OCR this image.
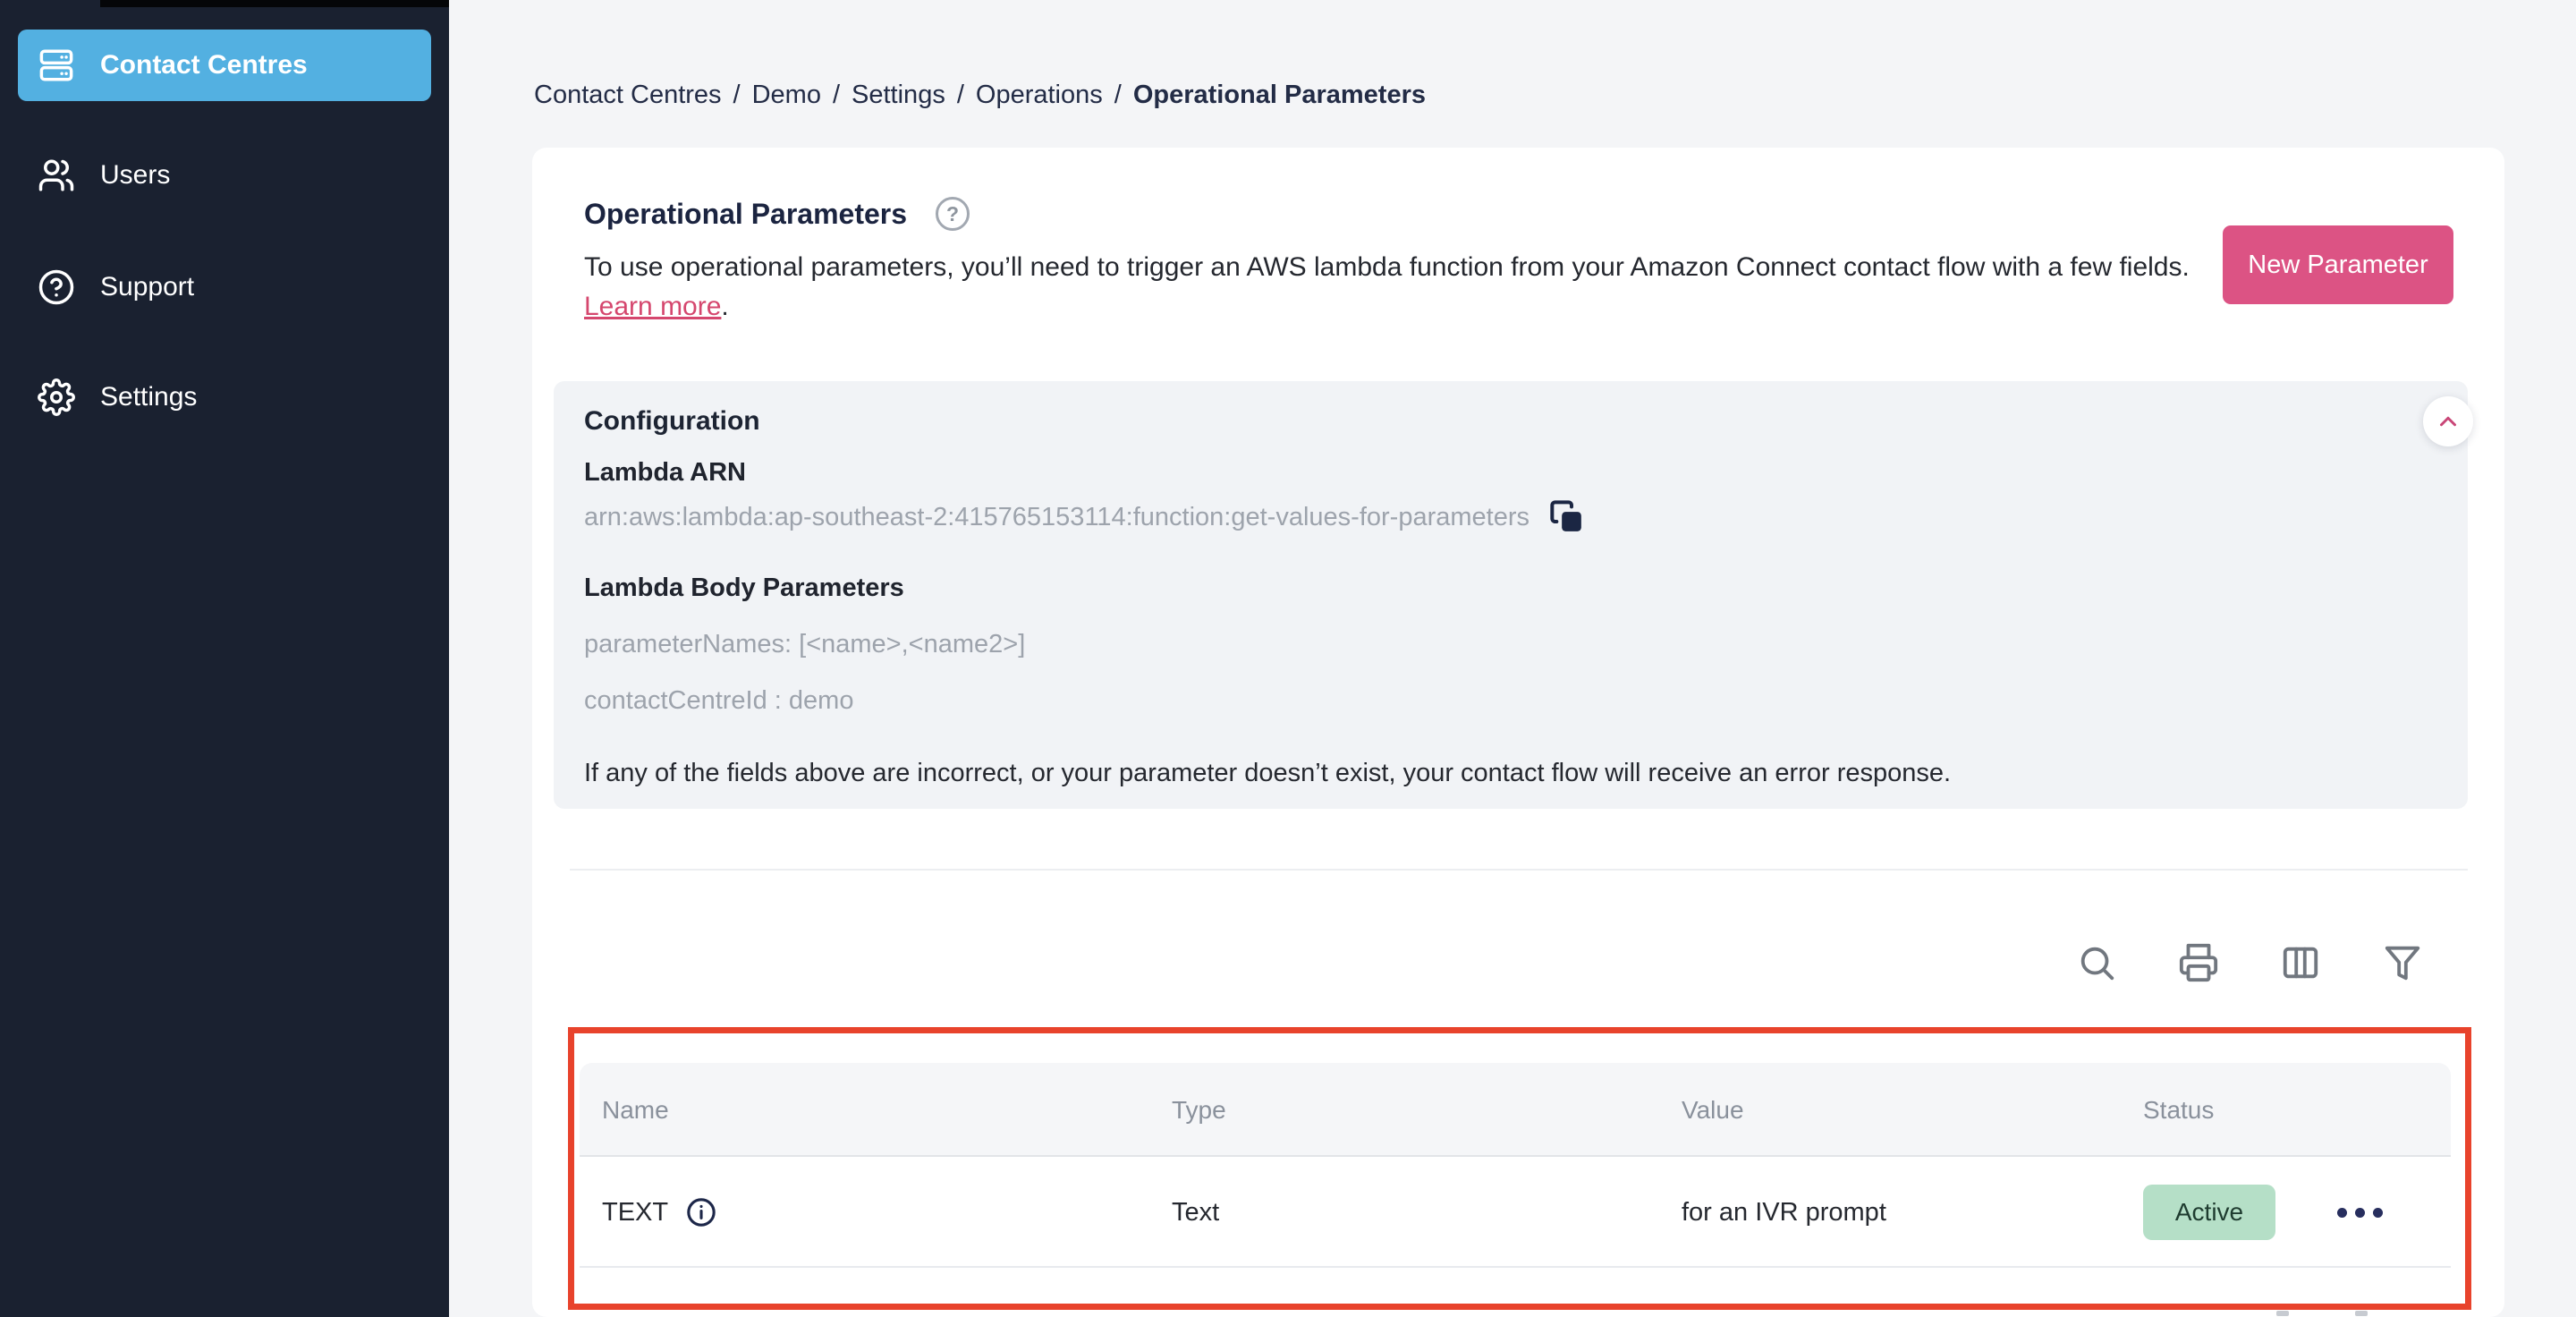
Contact Centres
Users
Support
Settings
Contact Centres / Demo / Settings / Operations / Operational Parameters
Operational Parameters ?

To use operational parameters, you’ll need to trigger an AWS lambda function from your Amazon Connect contact flow with a few fields. Learn more.

New Parameter
Configuration
Lambda ARN
arn:aws:lambda:ap-southeast-2:415765153114:function:get-values-for-parameters
Lambda Body Parameters
parameterNames: [<name>,<name2>]
contactCentreId : demo
If any of the fields above are incorrect, or your parameter doesn’t exist, your contact flow will receive an error response.
Name	Type	Value	Status
TEXT	Text	for an IVR prompt	Active
